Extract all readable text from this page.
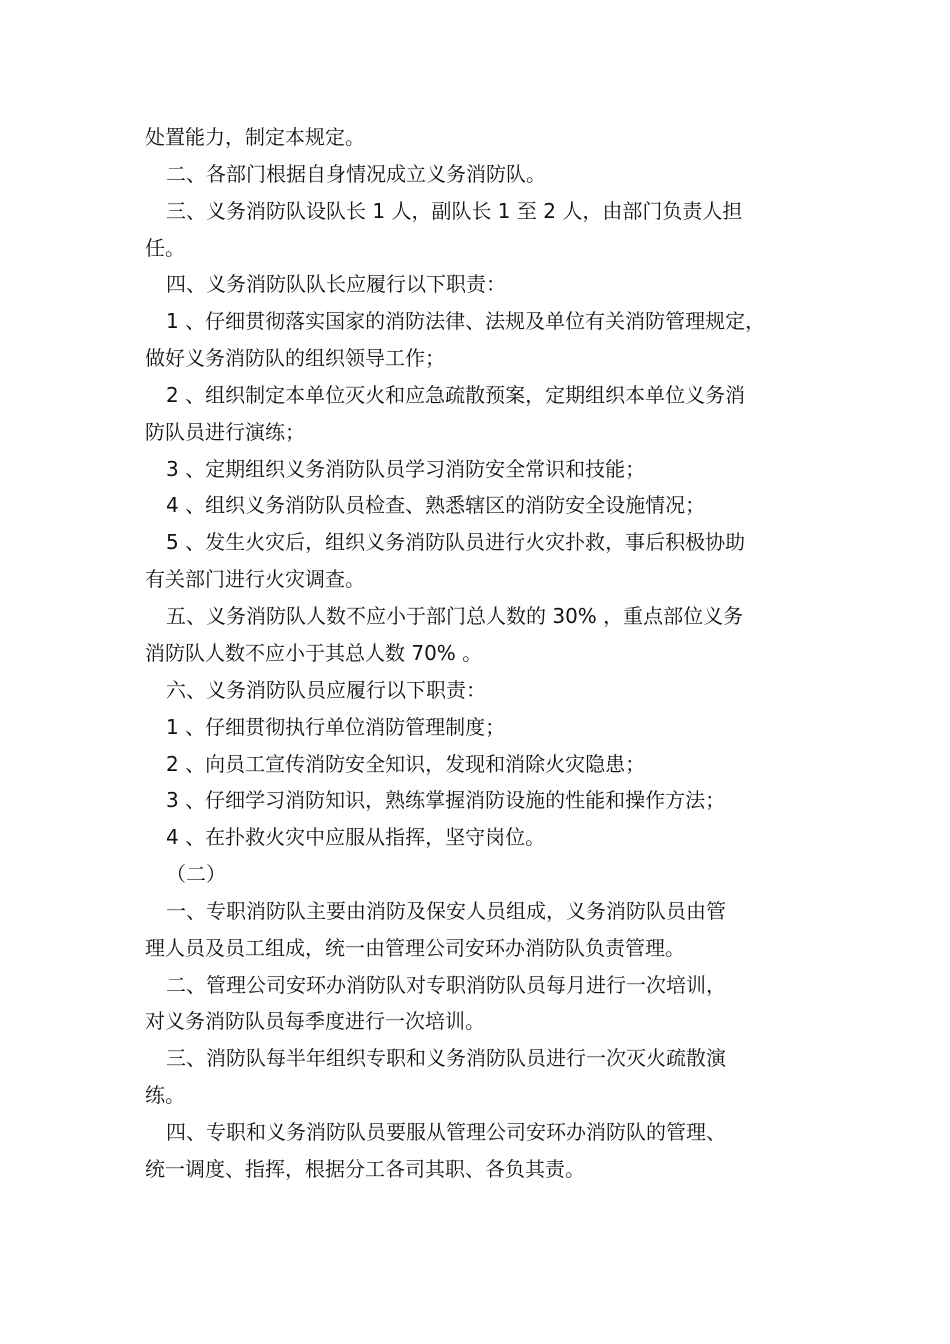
处置能力，制定本规定。
二、各部门根据自身情况成立义务消防队。
三、义务消防队设队长 1 人，副队长 1 至 2 人，由部门负责人担
任。
四、义务消防队队长应履行以下职责：
1 、仔细贯彻落实国家的消防法律、法规及单位有关消防管理规定，
做好义务消防队的组织领导工作；
2 、组织制定本单位灭火和应急疏散预案，定期组织本单位义务消
防队员进行演练；
3 、定期组织义务消防队员学习消防安全常识和技能；
4 、组织义务消防队员检查、熟悉辖区的消防安全设施情况；
5 、发生火灾后，组织义务消防队员进行火灾扑救，事后积极协助
有关部门进行火灾调查。
五、义务消防队人数不应小于部门总人数的 30% ，重点部位义务
消防队人数不应小于其总人数 70% 。
六、义务消防队员应履行以下职责：
1 、仔细贯彻执行单位消防管理制度；
2 、向员工宣传消防安全知识，发现和消除火灾隐患；
3 、仔细学习消防知识，熟练掌握消防设施的性能和操作方法；
4 、在扑救火灾中应服从指挥，坚守岗位。
（二）
一、专职消防队主要由消防及保安人员组成，义务消防队员由管
理人员及员工组成，统一由管理公司安环办消防队负责管理。
二、管理公司安环办消防队对专职消防队员每月进行一次培训，
对义务消防队员每季度进行一次培训。
三、消防队每半年组织专职和义务消防队员进行一次灭火疏散演
练。
四、专职和义务消防队员要服从管理公司安环办消防队的管理、
统一调度、指挥，根据分工各司其职、各负其责。
